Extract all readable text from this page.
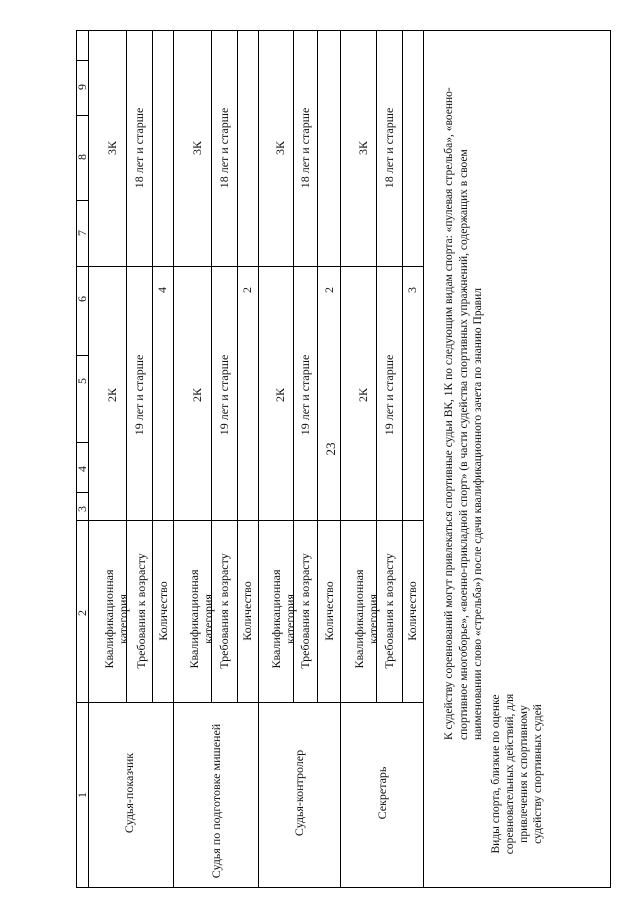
23
1
2
3
4
5
6
7
8
9
Судья-показчик
Квалификационная категория Требования к возрасту Количество
2К
3К
19 лет и старше
18 лет и старше
4
Судья по подготовке мишеней
Квалификационная категория Требования к возрасту Количество
2К
3К
19 лет и старше
18 лет и старше
2
Судья-контролер
Квалификационная категория Требования к возрасту Количество
2К
3К
19 лет и старше
18 лет и старше
2
Секретарь
Квалификационная категория Требования к возрасту Количество
2К
3К
19 лет и старше
18 лет и старше
3
Виды спорта, близкие по оценке соревновательных действий, для привлечения к спортивному судейству спортивных судей
К судейству соревнований могут привлекаться спортивные судьи ВК, 1К по следующим видам спорта: «пулевая стрельба», «военно-спортивное многоборье», «военно-прикладной спорт» (в части судейства спортивных упражнений, содержащих в своем наименовании слово «стрельба») после сдачи квалификационного зачета по знанию Правил
